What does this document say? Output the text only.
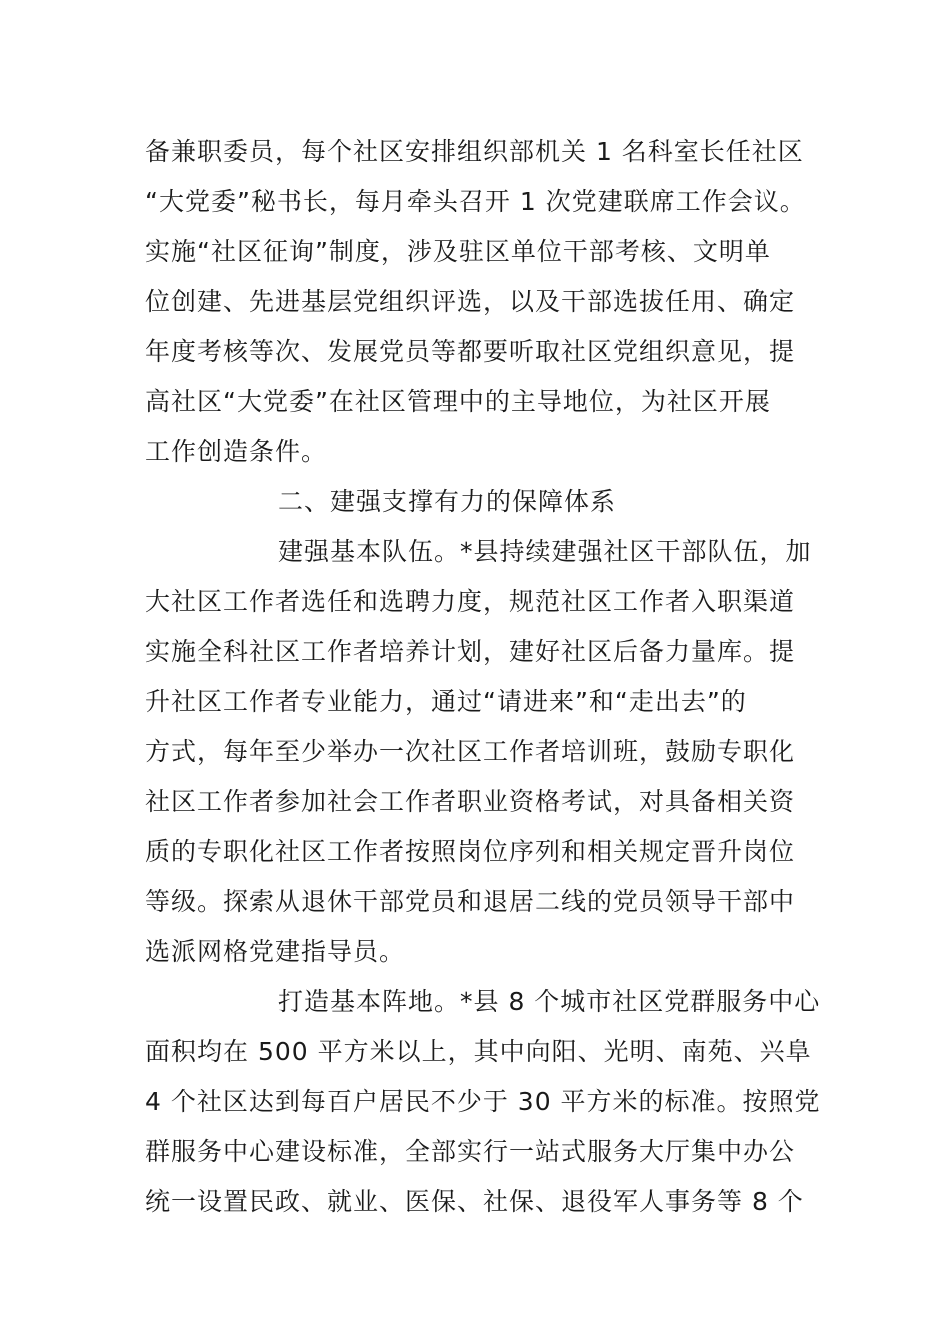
备兼职委员，每个社区安排组织部机关 1 名科室长任社区
“大党委”秘书长，每月牵头召开 1 次党建联席工作会议。
实施“社区征询”制度，涉及驻区单位干部考核、文明单
位创建、先进基层党组织评选，以及干部选拔任用、确定
年度考核等次、发展党员等都要听取社区党组织意见，提
高社区“大党委”在社区管理中的主导地位，为社区开展
工作创造条件。
二、建强支撑有力的保障体系
建强基本队伍。*县持续建强社区干部队伍，加
大社区工作者选任和选聘力度，规范社区工作者入职渠道
实施全科社区工作者培养计划，建好社区后备力量库。提
升社区工作者专业能力，通过“请进来”和“走出去”的
方式，每年至少举办一次社区工作者培训班，鼓励专职化
社区工作者参加社会工作者职业资格考试，对具备相关资
质的专职化社区工作者按照岗位序列和相关规定晋升岗位
等级。探索从退休干部党员和退居二线的党员领导干部中
选派网格党建指导员。
打造基本阵地。*县 8 个城市社区党群服务中心
面积均在 500 平方米以上，其中向阳、光明、南苑、兴阜
4 个社区达到每百户居民不少于 30 平方米的标准。按照党
群服务中心建设标准，全部实行一站式服务大厅集中办公
统一设置民政、就业、医保、社保、退役军人事务等 8 个
